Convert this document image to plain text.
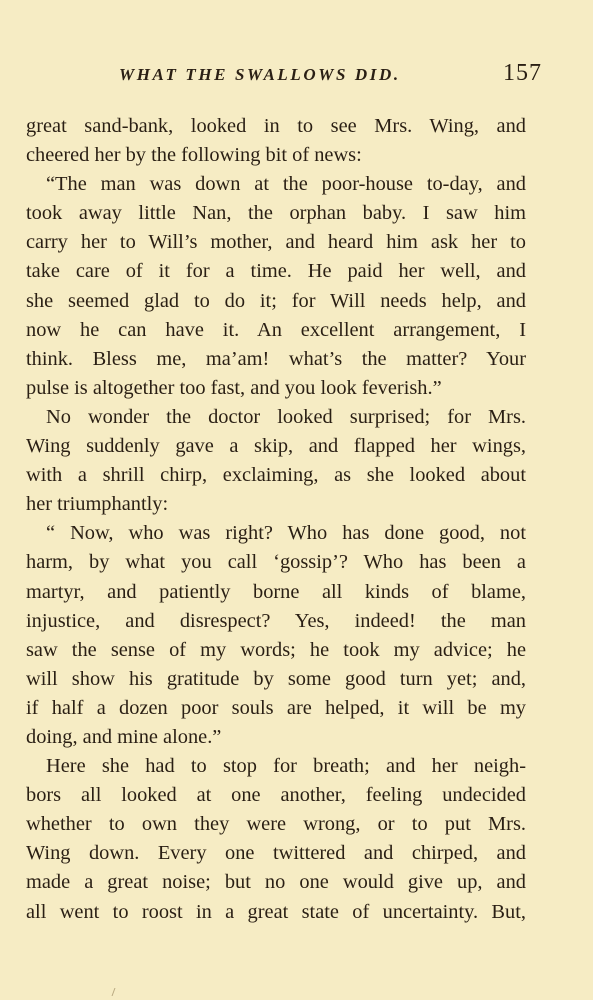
WHAT THE SWALLOWS DID.	157
great sand-bank, looked in to see Mrs. Wing, and
cheered her by the following bit of news:
“The man was down at the poor-house to-day, and
took away little Nan, the orphan baby. I saw him
carry her to Will’s mother, and heard him ask her to
take care of it for a time. He paid her well, and
she seemed glad to do it; for Will needs help, and
now he can have it. An excellent arrangement, I
think. Bless me, ma’am! what’s the matter? Your
pulse is altogether too fast, and you look feverish.”
No wonder the doctor looked surprised; for Mrs.
Wing suddenly gave a skip, and flapped her wings,
with a shrill chirp, exclaiming, as she looked about
her triumphantly:
“ Now, who was right? Who has done good, not
harm, by what you call ‘gossip’? Who has been a
martyr, and patiently borne all kinds of blame,
injustice, and disrespect? Yes, indeed! the man
saw the sense of my words; he took my advice; he
will show his gratitude by some good turn yet; and,
if half a dozen poor souls are helped, it will be my
doing, and mine alone.”
Here she had to stop for breath; and her neigh-
bors all looked at one another, feeling undecided
whether to own they were wrong, or to put Mrs.
Wing down. Every one twittered and chirped, and
made a great noise; but no one would give up, and
all went to roost in a great state of uncertainty. But,
